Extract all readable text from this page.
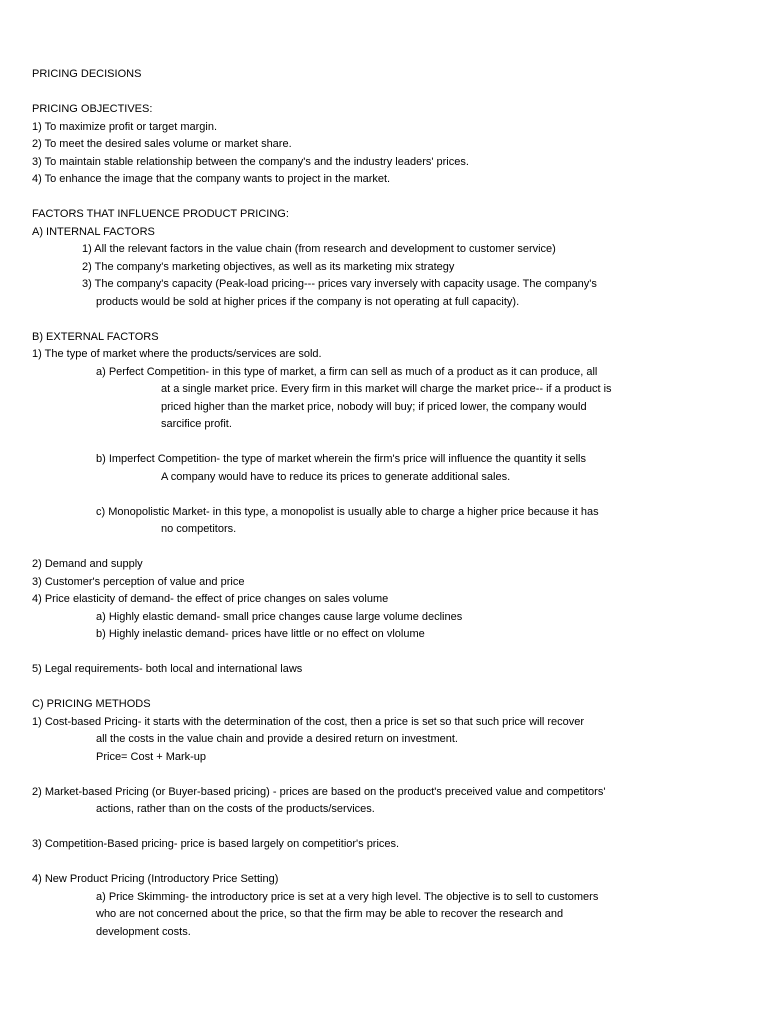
PRICING DECISIONS
PRICING OBJECTIVES:
1) To maximize profit or target margin.
2) To meet the desired sales volume or market share.
3) To maintain stable relationship between the company's and the industry leaders' prices.
4) To enhance the image that the company wants to project in the market.
FACTORS THAT INFLUENCE PRODUCT PRICING:
A) INTERNAL FACTORS
1) All the relevant factors in the value chain (from research and development to customer service)
2) The company's marketing objectives, as well as its marketing mix strategy
3) The company's capacity (Peak-load pricing--- prices vary inversely with capacity usage. The company's
products would be sold at higher prices if the company is not operating at full capacity).
B) EXTERNAL FACTORS
1) The type of market where the products/services are sold.
a) Perfect Competition- in this type of market, a firm can sell as much of a product as it can produce, all
at a single market price. Every firm in this market will charge the market price-- if a product is
priced higher than the market price, nobody will buy; if priced lower, the company would
sarcifice profit.
b) Imperfect Competition- the type of market wherein the firm's price will influence the quantity it sells
A company would have to reduce its prices to generate additional sales.
c) Monopolistic Market- in this type, a monopolist is usually able to charge a higher price because it has
no competitors.
2) Demand and supply
3) Customer's perception of value and price
4) Price elasticity of demand- the effect of price changes on sales volume
a) Highly elastic demand- small price changes cause large volume declines
b) Highly inelastic demand- prices have little or no effect on vlolume
5) Legal requirements- both local and international laws
C) PRICING METHODS
1) Cost-based Pricing- it starts with the determination of the cost, then a price is set so that such price will recover
all the costs in the value chain and provide a desired return on investment.
Price= Cost + Mark-up
2) Market-based Pricing (or Buyer-based pricing) - prices are based on the product's preceived value and competitors'
actions, rather than on the costs of the products/services.
3) Competition-Based pricing- price is based largely on competitior's prices.
4) New Product Pricing (Introductory Price Setting)
a) Price Skimming- the introductory price is set at a very high level. The objective is to sell to customers
who are not concerned about the price, so that the firm may be able to recover the research and
development costs.
